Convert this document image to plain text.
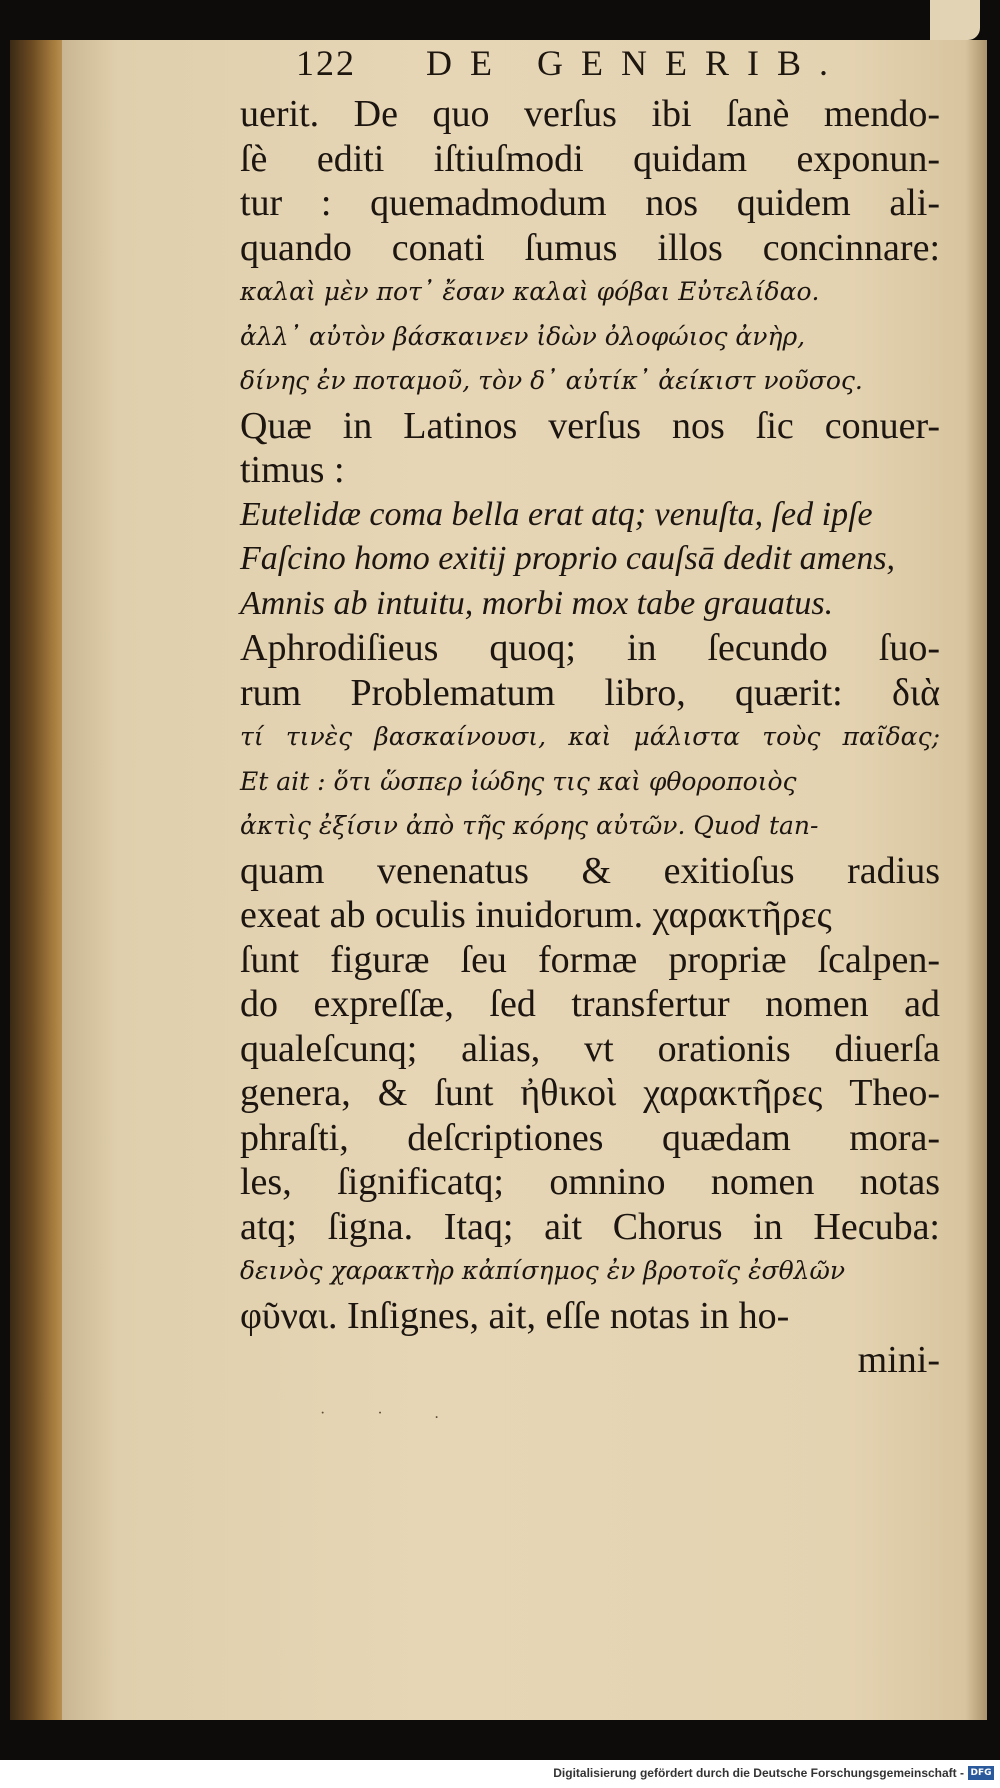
122 DE GENERIB.
uerit. De quo verſus ibi ſanè mendo-
ſè editi iſtiuſmodi quidam exponun-
tur : quemadmodum nos quidem ali-
quando conati ſumus illos concinnare:
καλαὶ μὲν ποτ᾽ ἔσαν καλαὶ φόβαι Εὐτελίδαο.
ἀλλ᾽ αὐτὸν βάσκαινεν ἰδὼν ὀλοφώιος ἀνὴρ,
δίνης ἐν ποταμοῦ, τὸν δ᾽ αὐτίκ᾽ ἀείκιστ νοῦσος.
Quæ in Latinos verſus nos ſic conuer-
timus :
Eutelidæ coma bella erat atq; venuſta, ſed ipſe
Faſcino homo exitij proprio cauſsā dedit amens,
Amnis ab intuitu, morbi mox tabe grauatus.
Aphrodiſieus quoq; in ſecundo ſuo-
rum Problematum libro, quærit: διὰ
τί τινὲς βασκαίνουσι, καὶ μάλιστα τοὺς παῖδας;
Et ait : ὅτι ὥσπερ ἰώδης τις καὶ φθοροποιὸς
ἀκτὶς ἐξίσιν ἀπὸ τῆς κόρης αὐτῶν. Quod tan-
quam venenatus & exitioſus radius
exeat ab oculis inuidorum. χαρακτῆρες
ſunt figuræ ſeu formæ propriæ ſcalpen-
do expreſſæ, ſed transfertur nomen ad
qualeſcunq; alias, vt orationis diuerſa
genera, & ſunt ἠθικοὶ χαρακτῆρες Theo-
phraſti, deſcriptiones quædam mora-
les, ſignificatq; omnino nomen notas
atq; ſigna. Itaq; ait Chorus in Hecuba:
δεινὸς χαρακτὴρ κἀπίσημος ἐν βροτοῖς ἐσθλῶν
φῦναι. Inſignes, ait, eſſe notas in ho-
mini-
· · .
Digitalisierung gefördert durch die Deutsche Forschungsgemeinschaft - DFG
